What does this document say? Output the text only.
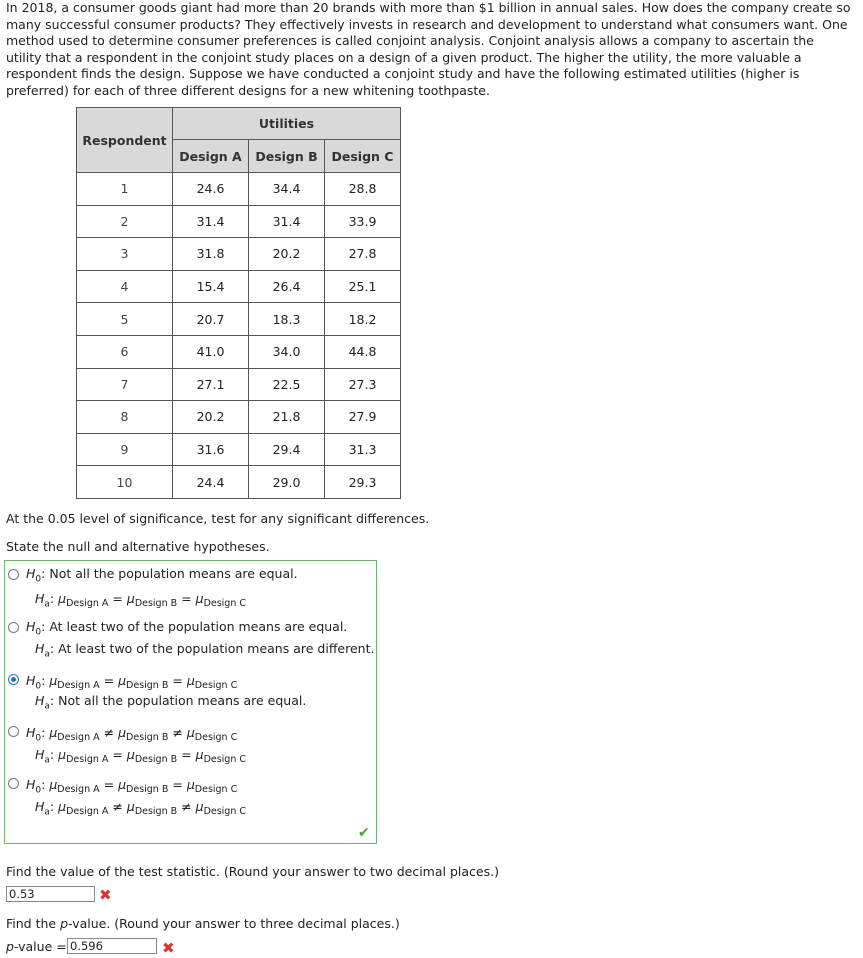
In 2018, a consumer goods giant had more than 20 brands with more than $1 billion in annual sales. How does the company create so many successful consumer products? They effectively invests in research and development to understand what consumers want. One method used to determine consumer preferences is called conjoint analysis. Conjoint analysis allows a company to ascertain the utility that a respondent in the conjoint study places on a design of a given product. The higher the utility, the more valuable a respondent finds the design. Suppose we have conducted a conjoint study and have the following estimated utilities (higher is preferred) for each of three different designs for a new whitening toothpaste.

Respondent	Utilities		
	Design A	Design B	Design C
1	24.6	34.4	28.8
2	31.4	31.4	33.9
3	31.8	20.2	27.8
4	15.4	26.4	25.1
5	20.7	18.3	18.2
6	41.0	34.0	44.8
7	27.1	22.5	27.3
8	20.2	21.8	27.9
9	31.6	29.4	31.3
10	24.4	29.0	29.3
At the 0.05 level of significance, test for any significant differences.
State the null and alternative hypotheses.
$H_0$: Not all the population means are equal.
$H_a$: $\mu_{Design A} = \mu_{Design B} = \mu_{Design C}$
$H_0$: At least two of the population means are equal.
$H_a$: At least two of the population means are different.
$H_0$: $\mu_{Design A} = \mu_{Design B} = \mu_{Design C}$
$H_a$: Not all the population means are equal.
$H_0$: $\mu_{Design A} \ne \mu_{Design B} \ne \mu_{Design C}$
$H_a$: $\mu_{Design A} = \mu_{Design B} = \mu_{Design C}$
$H_0$: $\mu_{Design A} = \mu_{Design B} = \mu_{Design C}$
$H_a$: $\mu_{Design A} \ne \mu_{Design B} \ne \mu_{Design C}$
✔
Find the value of the test statistic. (Round your answer to two decimal places.)
0.53	✖
Find the p-value. (Round your answer to three decimal places.)
p-value = 0.596	✖
